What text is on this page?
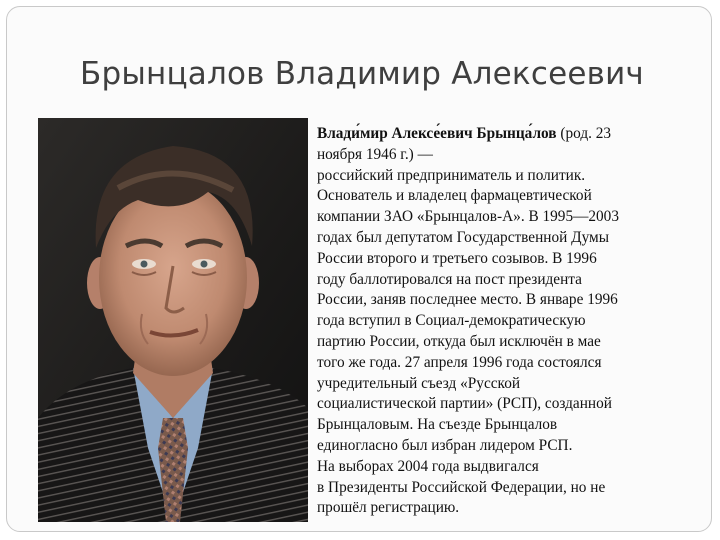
Брынцалов Владимир Алексеевич
Влади́мир Алексе́евич Брынца́лов (род. 23
ноября 1946 г.) —
российский предприниматель и политик.
Основатель и владелец фармацевтической
компании ЗАО «Брынцалов-А». В 1995—2003
годах был депутатом Государственной Думы
России второго и третьего созывов. В 1996
году баллотировался на пост президента
России, заняв последнее место. В январе 1996
года вступил в Социал-демократическую
партию России, откуда был исключён в мае
того же года. 27 апреля 1996 года состоялся
учредительный съезд «Русской
социалистической партии» (РСП), созданной
Брынцаловым. На съезде Брынцалов
единогласно был избран лидером РСП.
На выборах 2004 года выдвигался
в Президенты Российской Федерации, но не
прошёл регистрацию.
